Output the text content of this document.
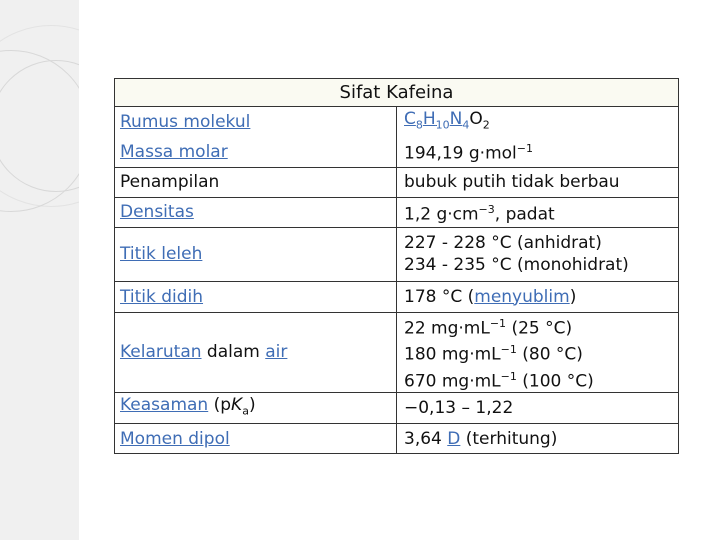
Sifat Kafeina
Rumus molekul	$C_8H_{10}N_4O_2$
Massa molar	194,19 g·mol$^{-1}$
Penampilan	bubuk putih tidak berbau
Densitas	1,2 $g\cdot cm^{-3}$, padat
Titik leleh	227 - 228 °C (anhidrat)
234 - 235 °C (monohidrat)

Titik didih	178 °C (menyublim)
Kelarutan dalam air	22 $mg\cdot mL^{-1}$ (25 °C)
180 $mg\cdot mL^{-1}$ (80 °C)
670 $mg\cdot mL^{-1}$ (100 °C)

Keasaman $(pK_a)$	−0,13 – 1,22
Momen dipol	3,64 D (terhitung)
